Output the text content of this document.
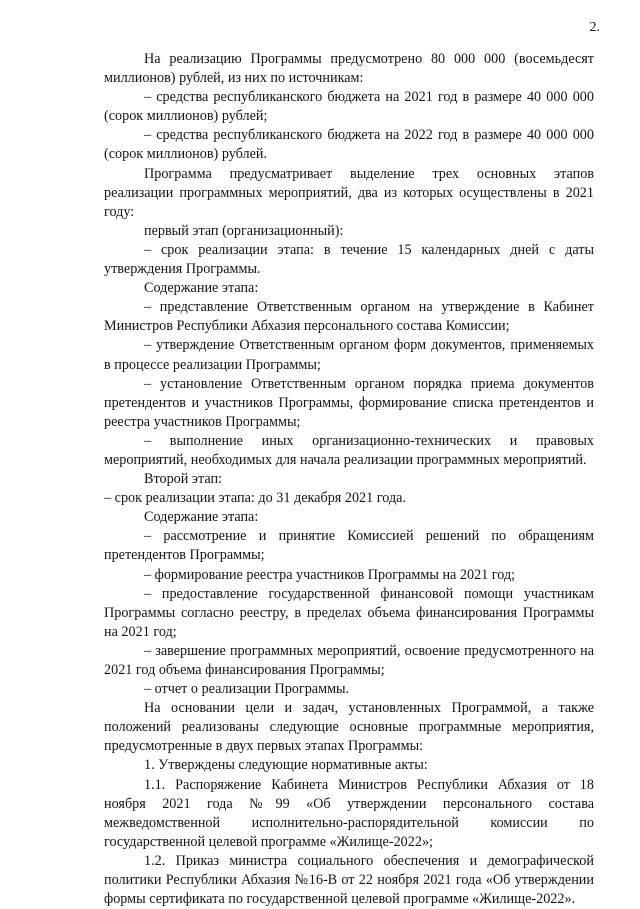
2.

На реализацию Программы предусмотрено 80 000 000 (восемьдесят миллионов) рублей, из них по источникам:

– средства республиканского бюджета на 2021 год в размере 40 000 000 (сорок миллионов) рублей;

– средства республиканского бюджета на 2022 год в размере 40 000 000 (сорок миллионов) рублей.

Программа предусматривает выделение трех основных этапов реализации программных мероприятий, два из которых осуществлены в 2021 году:

первый этап (организационный):

– срок реализации этапа: в течение 15 календарных дней с даты утверждения Программы.

Содержание этапа:

– представление Ответственным органом на утверждение в Кабинет Министров Республики Абхазия персонального состава Комиссии;

– утверждение Ответственным органом форм документов, применяемых в процессе реализации Программы;

– установление Ответственным органом порядка приема документов претендентов и участников Программы, формирование списка претендентов и реестра участников Программы;

– выполнение иных организационно-технических и правовых мероприятий, необходимых для начала реализации программных мероприятий.

Второй этап:

– срок реализации этапа: до 31 декабря 2021 года.

Содержание этапа:

– рассмотрение и принятие Комиссией решений по обращениям претендентов Программы;

– формирование реестра участников Программы на 2021 год;

– предоставление государственной финансовой помощи участникам Программы согласно реестру, в пределах объема финансирования Программы на 2021 год;

– завершение программных мероприятий, освоение предусмотренного на 2021 год объема финансирования Программы;

– отчет о реализации Программы.

На основании цели и задач, установленных Программой, а также положений реализованы следующие основные программные мероприятия, предусмотренные в двух первых этапах Программы:

1. Утверждены следующие нормативные акты:

1.1. Распоряжение Кабинета Министров Республики Абхазия от 18 ноября 2021 года №99 «Об утверждении персонального состава межведомственной исполнительно-распорядительной комиссии по государственной целевой программе «Жилище-2022»;

1.2. Приказ министра социального обеспечения и демографической политики Республики Абхазия №16-В от 22 ноября 2021 года «Об утверждении формы сертификата по государственной целевой программе «Жилище-2022».
